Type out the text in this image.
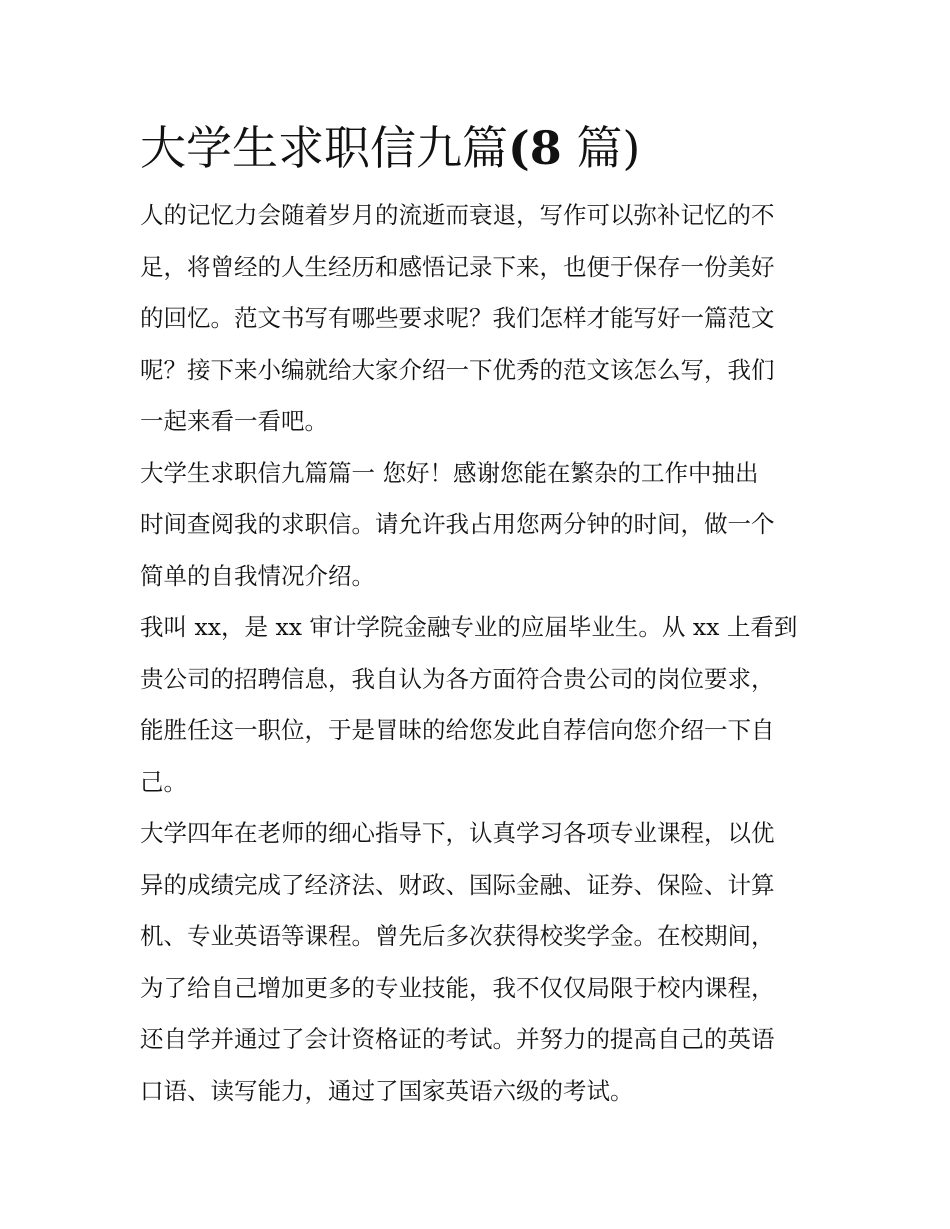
大学生求职信九篇(8 篇)

人的记忆力会随着岁月的流逝而衰退，写作可以弥补记忆的不
足，将曾经的人生经历和感悟记录下来，也便于保存一份美好
的回忆。范文书写有哪些要求呢？我们怎样才能写好一篇范文
呢？接下来小编就给大家介绍一下优秀的范文该怎么写，我们
一起来看一看吧。

大学生求职信九篇篇一 您好！感谢您能在繁杂的工作中抽出
时间查阅我的求职信。请允许我占用您两分钟的时间，做一个
简单的自我情况介绍。

我叫 xx，是 xx 审计学院金融专业的应届毕业生。从 xx 上看到
贵公司的招聘信息，我自认为各方面符合贵公司的岗位要求，
能胜任这一职位，于是冒昧的给您发此自荐信向您介绍一下自
己。

大学四年在老师的细心指导下，认真学习各项专业课程，以优
异的成绩完成了经济法、财政、国际金融、证券、保险、计算
机、专业英语等课程。曾先后多次获得校奖学金。在校期间，
为了给自己增加更多的专业技能，我不仅仅局限于校内课程，
还自学并通过了会计资格证的考试。并努力的提高自己的英语
口语、读写能力，通过了国家英语六级的考试。
